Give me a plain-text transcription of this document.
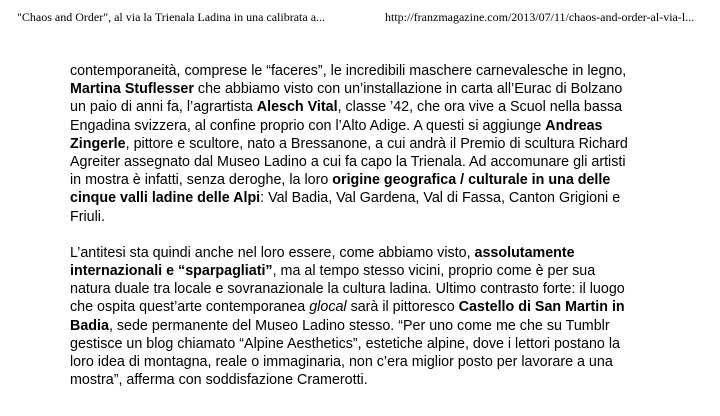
"Chaos and Order", al via la Trienala Ladina in una calibrata a...	http://franzmagazine.com/2013/07/11/chaos-and-order-al-via-l...

contemporaneità, comprese le “faceres”, le incredibili maschere carnevalesche in legno,
Martina Stuflesser che abbiamo visto con un’installazione in carta all’Eurac di Bolzano
un paio di anni fa, l’agrartista Alesch Vital, classe ’42, che ora vive a Scuol nella bassa
Engadina svizzera, al confine proprio con l’Alto Adige. A questi si aggiunge Andreas
Zingerle, pittore e scultore, nato a Bressanone, a cui andrà il Premio di scultura Richard
Agreiter assegnato dal Museo Ladino a cui fa capo la Trienala. Ad accomunare gli artisti
in mostra è infatti, senza deroghe, la loro origine geografica / culturale in una delle
cinque valli ladine delle Alpi: Val Badia, Val Gardena, Val di Fassa, Canton Grigioni e
Friuli.

L’antitesi sta quindi anche nel loro essere, come abbiamo visto, assolutamente
internazionali e “sparpagliati”, ma al tempo stesso vicini, proprio come è per sua
natura duale tra locale e sovranazionale la cultura ladina. Ultimo contrasto forte: il luogo
che ospita quest’arte contemporanea glocal sarà il pittoresco Castello di San Martin in
Badia, sede permanente del Museo Ladino stesso. “Per uno come me che su Tumblr
gestisce un blog chiamato “Alpine Aesthetics”, estetiche alpine, dove i lettori postano la
loro idea di montagna, reale o immaginaria, non c’era miglior posto per lavorare a una
mostra”, afferma con soddisfazione Cramerotti.
